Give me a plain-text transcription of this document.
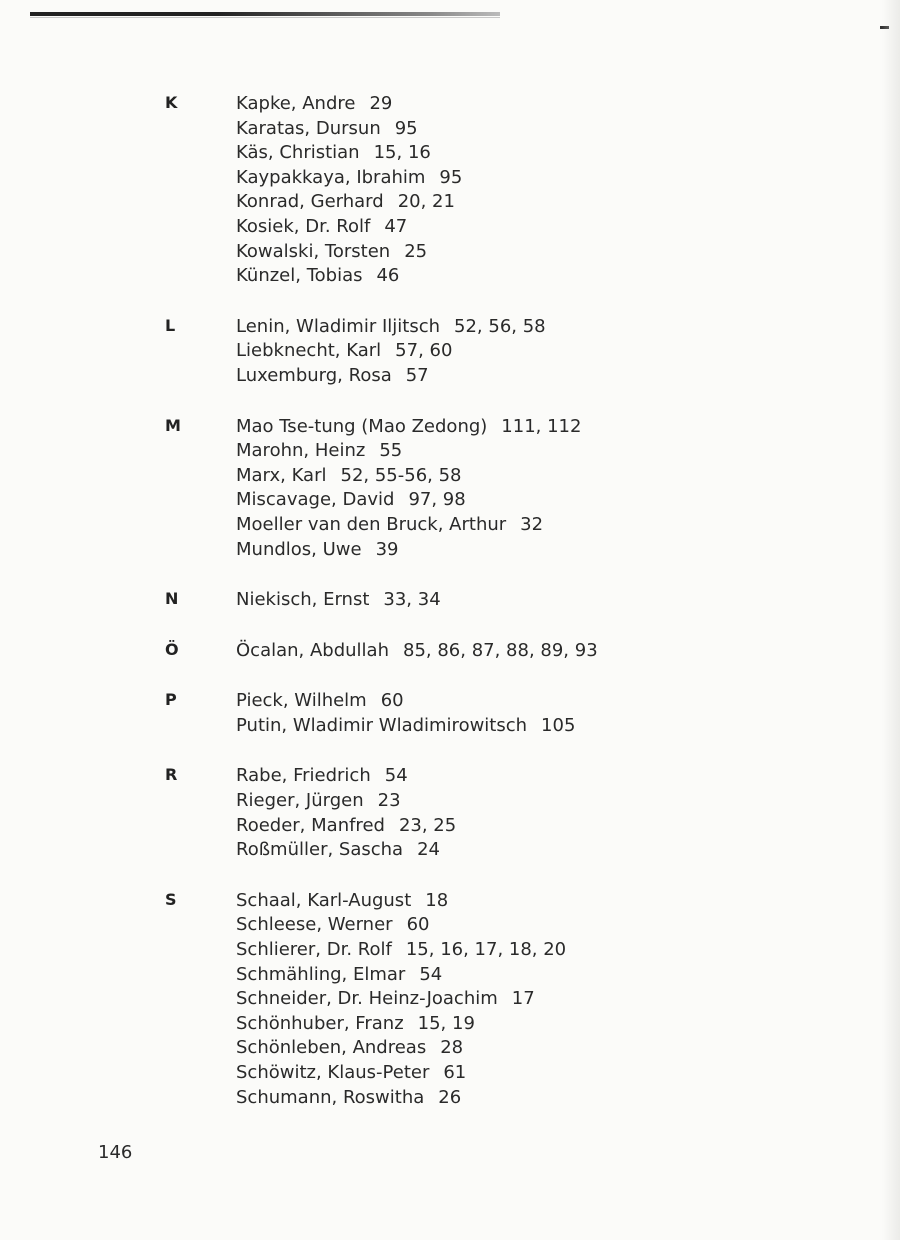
K	Kapke, Andre 29
Karatas, Dursun 95
Käs, Christian 15, 16
Kaypakkaya, Ibrahim 95
Konrad, Gerhard 20, 21
Kosiek, Dr. Rolf 47
Kowalski, Torsten 25
Künzel, Tobias 46
L	Lenin, Wladimir Iljitsch 52, 56, 58
Liebknecht, Karl 57, 60
Luxemburg, Rosa 57
M	Mao Tse-tung (Mao Zedong) 111, 112
Marohn, Heinz 55
Marx, Karl 52, 55-56, 58
Miscavage, David 97, 98
Moeller van den Bruck, Arthur 32
Mundlos, Uwe 39
N	Niekisch, Ernst 33, 34
Ö	Öcalan, Abdullah 85, 86, 87, 88, 89, 93
P	Pieck, Wilhelm 60
Putin, Wladimir Wladimirowitsch 105
R	Rabe, Friedrich 54
Rieger, Jürgen 23
Roeder, Manfred 23, 25
Roßmüller, Sascha 24
S	Schaal, Karl-August 18
Schleese, Werner 60
Schlierer, Dr. Rolf 15, 16, 17, 18, 20
Schmähling, Elmar 54
Schneider, Dr. Heinz-Joachim 17
Schönhuber, Franz 15, 19
Schönleben, Andreas 28
Schöwitz, Klaus-Peter 61
Schumann, Roswitha 26
146
